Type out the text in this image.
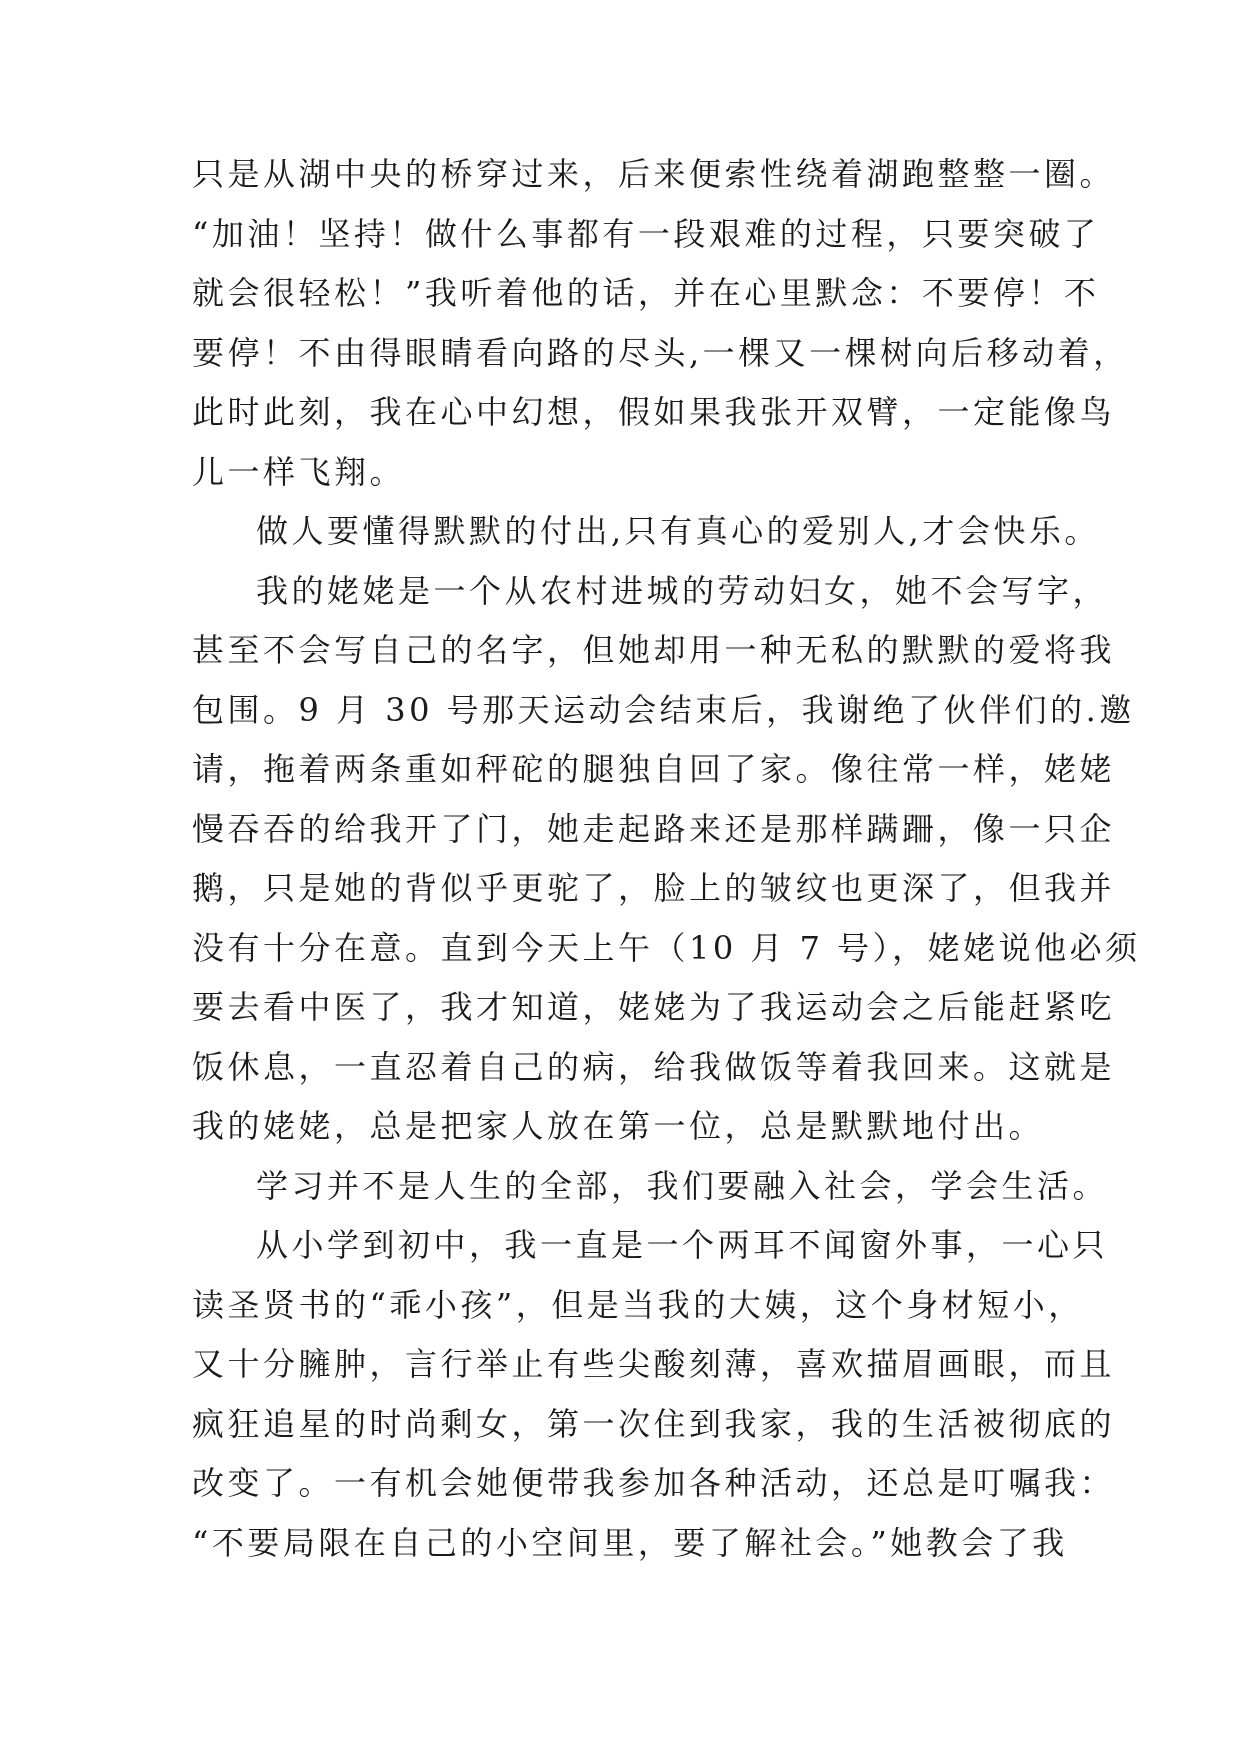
只是从湖中央的桥穿过来，后来便索性绕着湖跑整整一圈。
“加油！坚持！做什么事都有一段艰难的过程，只要突破了
就会很轻松！”我听着他的话，并在心里默念：不要停！不
要停！不由得眼睛看向路的尽头,一棵又一棵树向后移动着，
此时此刻，我在心中幻想，假如果我张开双臂，一定能像鸟
儿一样飞翔。
做人要懂得默默的付出,只有真心的爱别人,才会快乐。
我的姥姥是一个从农村进城的劳动妇女，她不会写字，
甚至不会写自己的名字，但她却用一种无私的默默的爱将我
包围。9 月 30 号那天运动会结束后，我谢绝了伙伴们的.邀
请，拖着两条重如秤砣的腿独自回了家。像往常一样，姥姥
慢吞吞的给我开了门，她走起路来还是那样蹒跚，像一只企
鹅，只是她的背似乎更驼了，脸上的皱纹也更深了，但我并
没有十分在意。直到今天上午（10 月 7 号），姥姥说他必须
要去看中医了，我才知道，姥姥为了我运动会之后能赶紧吃
饭休息，一直忍着自己的病，给我做饭等着我回来。这就是
我的姥姥，总是把家人放在第一位，总是默默地付出。
学习并不是人生的全部，我们要融入社会，学会生活。
从小学到初中，我一直是一个两耳不闻窗外事，一心只
读圣贤书的“乖小孩”，但是当我的大姨，这个身材短小，
又十分臃肿，言行举止有些尖酸刻薄，喜欢描眉画眼，而且
疯狂追星的时尚剩女，第一次住到我家，我的生活被彻底的
改变了。一有机会她便带我参加各种活动，还总是叮嘱我：
“不要局限在自己的小空间里，要了解社会。”她教会了我
